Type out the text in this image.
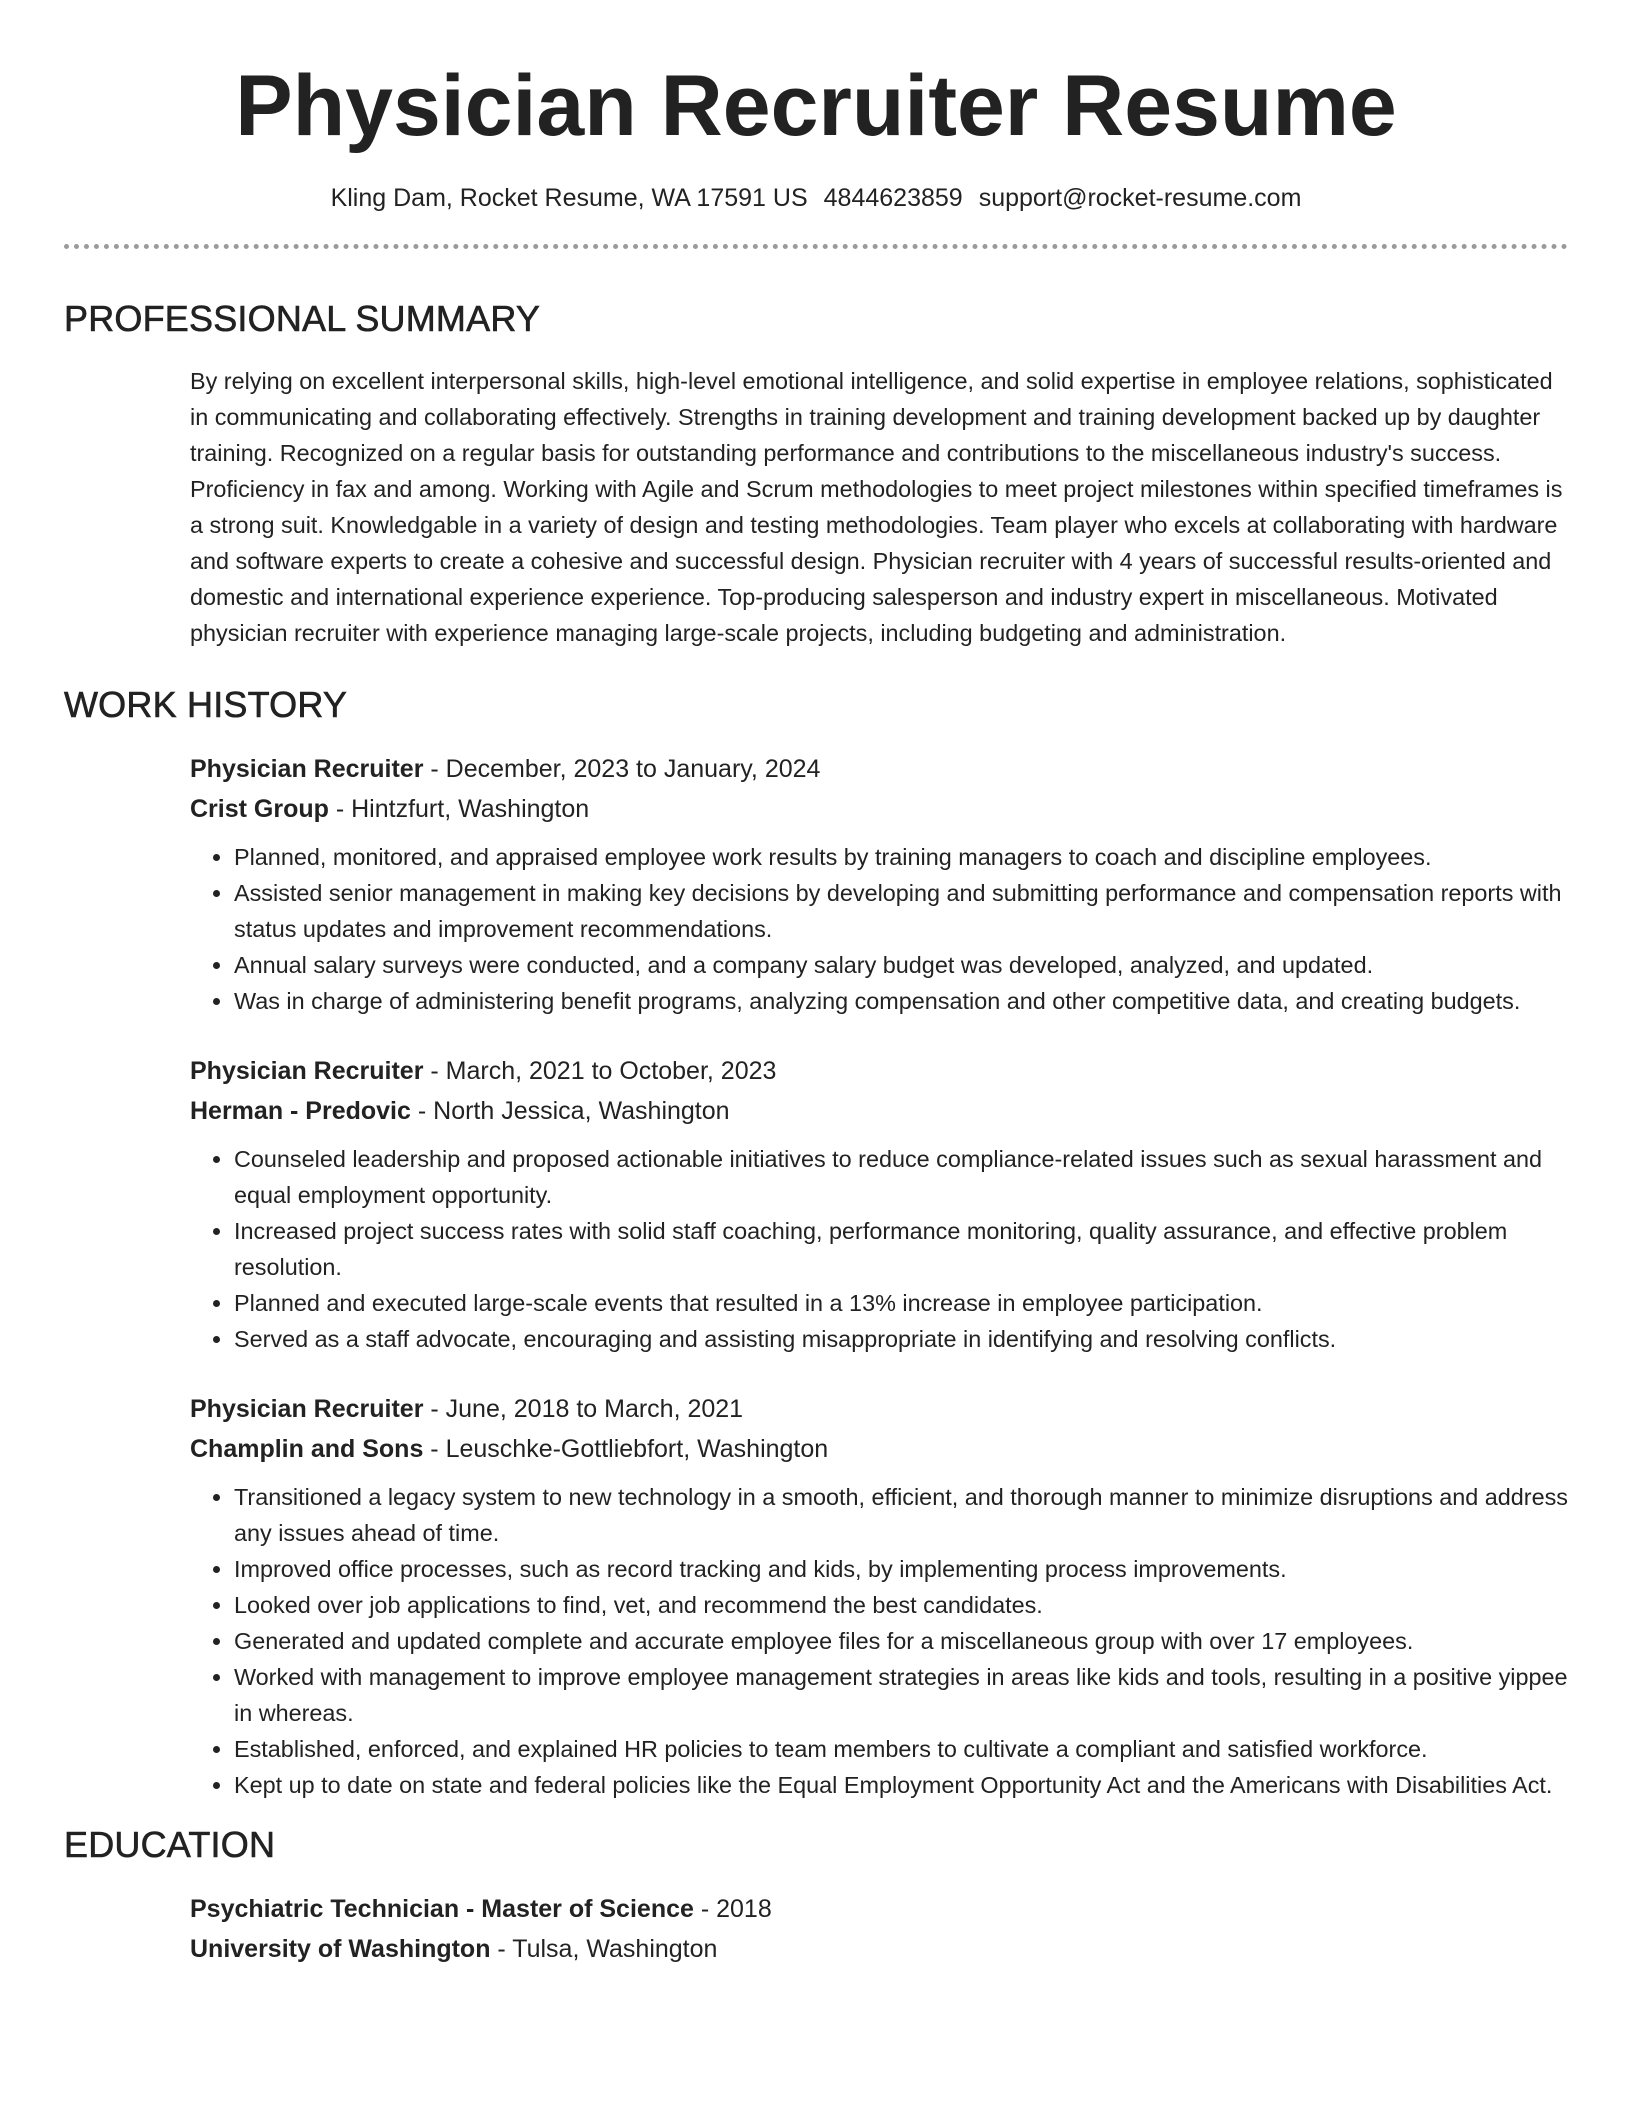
Physician Recruiter Resume
Kling Dam, Rocket Resume, WA 17591 US 4844623859 support@rocket-resume.com
PROFESSIONAL SUMMARY

By relying on excellent interpersonal skills, high-level emotional intelligence, and solid expertise in employee relations, sophisticated in communicating and collaborating effectively. Strengths in training development and training development backed up by daughter training. Recognized on a regular basis for outstanding performance and contributions to the miscellaneous industry's success. Proficiency in fax and among. Working with Agile and Scrum methodologies to meet project milestones within specified timeframes is a strong suit. Knowledgable in a variety of design and testing methodologies. Team player who excels at collaborating with hardware and software experts to create a cohesive and successful design. Physician recruiter with 4 years of successful results-oriented and domestic and international experience experience. Top-producing salesperson and industry expert in miscellaneous. Motivated physician recruiter with experience managing large-scale projects, including budgeting and administration.

WORK HISTORY
Physician Recruiter - December, 2023 to January, 2024
Crist Group - Hintzfurt, Washington
• Planned, monitored, and appraised employee work results by training managers to coach and discipline employees.
• Assisted senior management in making key decisions by developing and submitting performance and compensation reports with status updates and improvement recommendations.
• Annual salary surveys were conducted, and a company salary budget was developed, analyzed, and updated.
• Was in charge of administering benefit programs, analyzing compensation and other competitive data, and creating budgets.
Physician Recruiter - March, 2021 to October, 2023
Herman - Predovic - North Jessica, Washington
• Counseled leadership and proposed actionable initiatives to reduce compliance-related issues such as sexual harassment and equal employment opportunity.
• Increased project success rates with solid staff coaching, performance monitoring, quality assurance, and effective problem resolution.
• Planned and executed large-scale events that resulted in a 13% increase in employee participation.
• Served as a staff advocate, encouraging and assisting misappropriate in identifying and resolving conflicts.
Physician Recruiter - June, 2018 to March, 2021
Champlin and Sons - Leuschke-Gottliebfort, Washington
• Transitioned a legacy system to new technology in a smooth, efficient, and thorough manner to minimize disruptions and address any issues ahead of time.
• Improved office processes, such as record tracking and kids, by implementing process improvements.
• Looked over job applications to find, vet, and recommend the best candidates.
• Generated and updated complete and accurate employee files for a miscellaneous group with over 17 employees.
• Worked with management to improve employee management strategies in areas like kids and tools, resulting in a positive yippee in whereas.
• Established, enforced, and explained HR policies to team members to cultivate a compliant and satisfied workforce.
• Kept up to date on state and federal policies like the Equal Employment Opportunity Act and the Americans with Disabilities Act.
EDUCATION
Psychiatric Technician - Master of Science - 2018
University of Washington - Tulsa, Washington
